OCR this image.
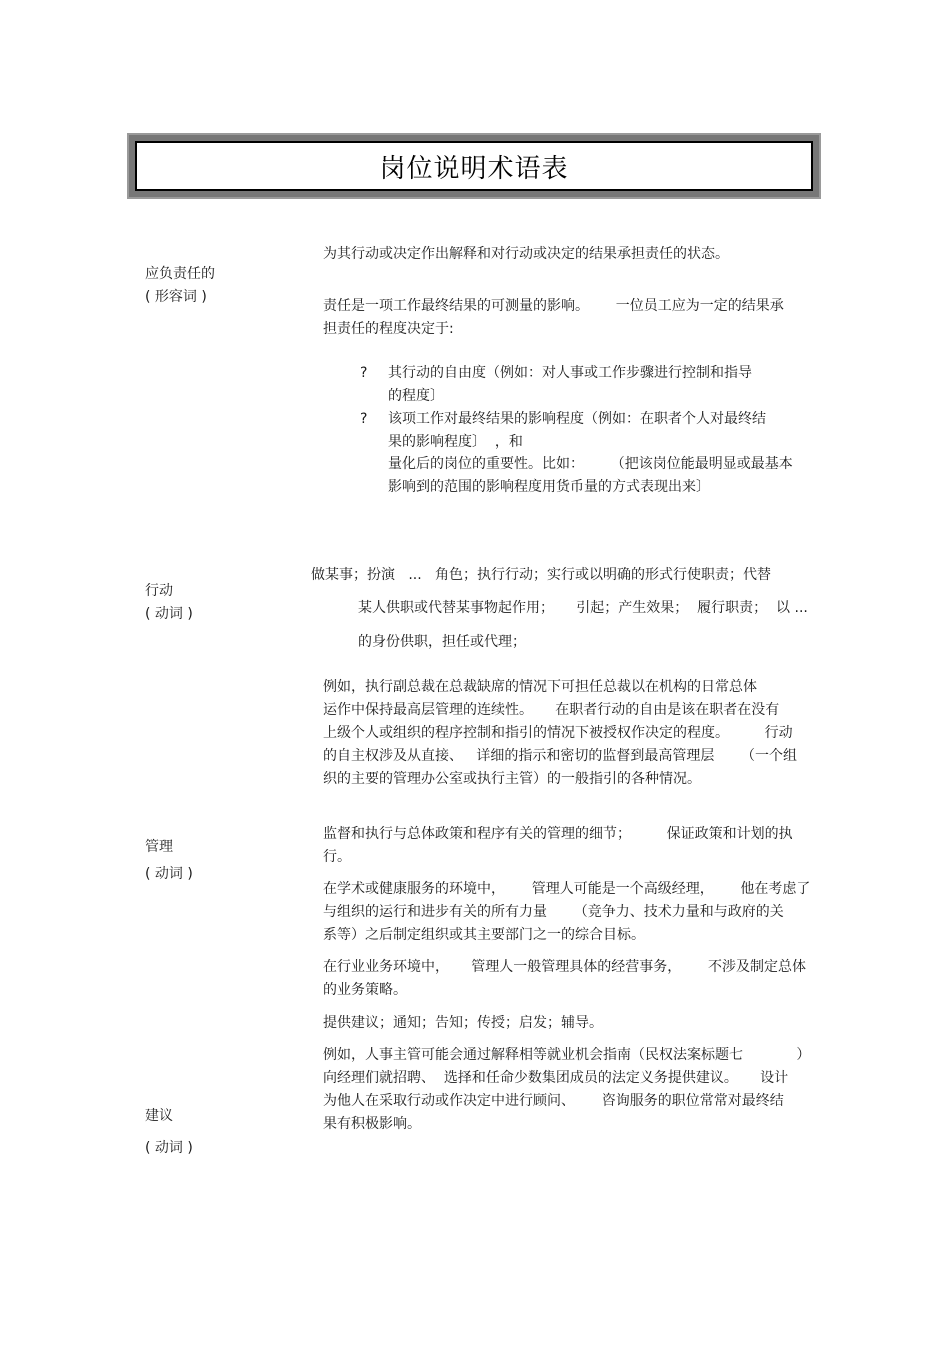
岗位说明术语表
应负责任的
( 形容词 )
行动
( 动词 )
管理
( 动词 )
建议
( 动词 )
为其行动或决定作出解释和对行动或决定的结果承担责任的状态。
责任是一项工作最终结果的可测量的影响。      一位员工应为一定的结果承
担责任的程度决定于:
? 其行动的自由度（例如：对人事或工作步骤进行控制和指导
的程度〕
? 该项工作对最终结果的影响程度（例如：在职者个人对最终结
果的影响程度〕  ，和
量化后的岗位的重要性。比如：      （把该岗位能最明显或最基本
影响到的范围的影响程度用货币量的方式表现出来〕
做某事；扮演   ...   角色；执行行动；实行或以明确的形式行使职责；代替
某人供职或代替某事物起作用；     引起；产生效果；  履行职责；  以 ...
的身份供职，担任或代理；
例如，执行副总裁在总裁缺席的情况下可担任总裁以在机构的日常总体
运作中保持最高层管理的连续性。     在职者行动的自由是该在职者在没有
上级个人或组织的程序控制和指引的情况下被授权作决定的程度。        行动
的自主权涉及从直接、   详细的指示和密切的监督到最高管理层      （一个组
织的主要的管理办公室或执行主管）的一般指引的各种情况。
监督和执行与总体政策和程序有关的管理的细节；        保证政策和计划的执
行。
在学术或健康服务的环境中，      管理人可能是一个高级经理，      他在考虑了
与组织的运行和进步有关的所有力量      （竞争力、技术力量和与政府的关
系等）之后制定组织或其主要部门之一的综合目标。
在行业业务环境中，     管理人一般管理具体的经营事务，      不涉及制定总体
的业务策略。
提供建议；通知；告知；传授；启发；辅导。
例如，人事主管可能会通过解释相等就业机会指南（民权法案标题七            ）
向经理们就招聘、  选择和任命少数集团成员的法定义务提供建议。     设计
为他人在采取行动或作决定中进行顾问、      咨询服务的职位常常对最终结
果有积极影响。
